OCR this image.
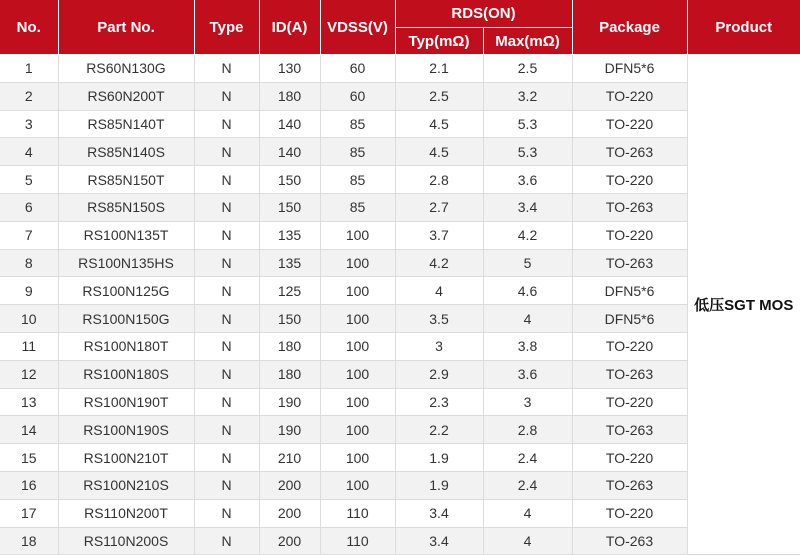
No.	Part No.	Type	ID(A)	VDSS(V)	RDS(ON)		Package	Product
					Typ(mΩ)	Max(mΩ)		
1	RS60N130G	N	130	60	2.1	2.5	DFN5*6	低压SGT MOS
2	RS60N200T	N	180	60	2.5	3.2	TO-220	
3	RS85N140T	N	140	85	4.5	5.3	TO-220	
4	RS85N140S	N	140	85	4.5	5.3	TO-263	
5	RS85N150T	N	150	85	2.8	3.6	TO-220	
6	RS85N150S	N	150	85	2.7	3.4	TO-263	
7	RS100N135T	N	135	100	3.7	4.2	TO-220	
8	RS100N135HS	N	135	100	4.2	5	TO-263	
9	RS100N125G	N	125	100	4	4.6	DFN5*6	
10	RS100N150G	N	150	100	3.5	4	DFN5*6	
11	RS100N180T	N	180	100	3	3.8	TO-220	
12	RS100N180S	N	180	100	2.9	3.6	TO-263	
13	RS100N190T	N	190	100	2.3	3	TO-220	
14	RS100N190S	N	190	100	2.2	2.8	TO-263	
15	RS100N210T	N	210	100	1.9	2.4	TO-220	
16	RS100N210S	N	200	100	1.9	2.4	TO-263	
17	RS110N200T	N	200	110	3.4	4	TO-220	
18	RS110N200S	N	200	110	3.4	4	TO-263	
